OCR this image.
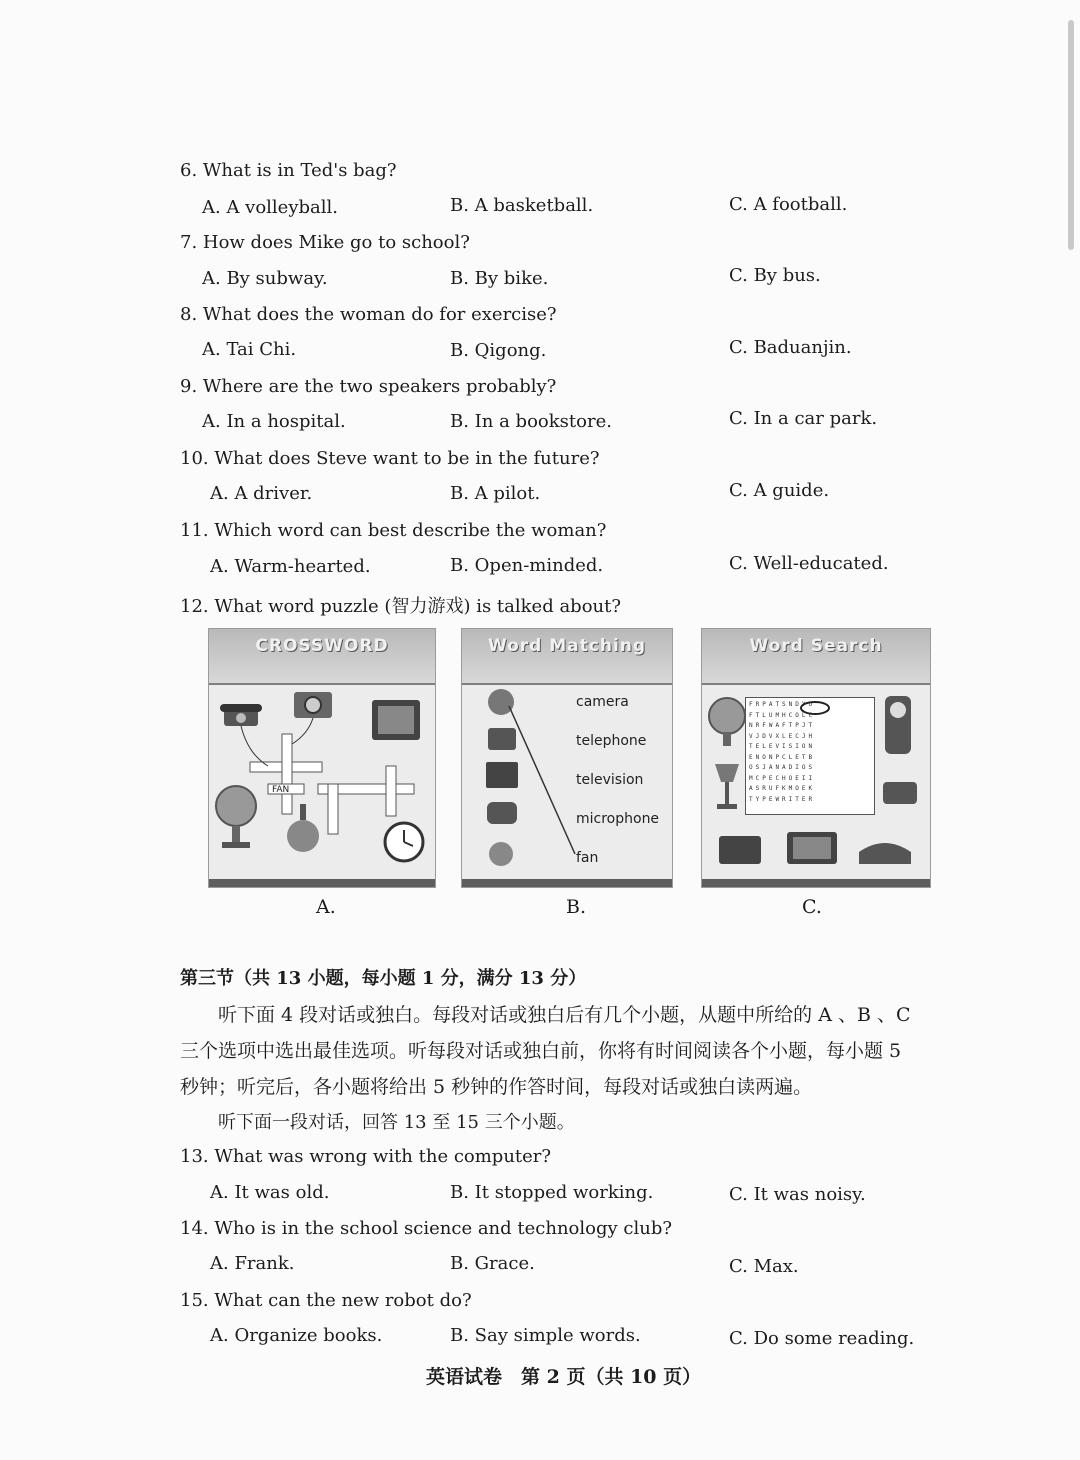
6. What is in Ted's bag?
A. A volleyball.	B. A basketball.	C. A football.
7. How does Mike go to school?
A. By subway.	B. By bike.	C. By bus.
8. What does the woman do for exercise?
A. Tai Chi.	B. Qigong.	C. Baduanjin.
9. Where are the two speakers probably?
A. In a hospital.	B. In a bookstore.	C. In a car park.
10. What does Steve want to be in the future?
A. A driver.	B. A pilot.	C. A guide.
11. Which word can best describe the woman?
A. Warm-hearted.	B. Open-minded.	C. Well-educated.
12. What word puzzle (智力游戏) is talked about?
CROSSWORD
FAN
Word Matching
camera
telephone
television
microphone
fan
Word Search
FRPATSNDYU FTLUMHCOLC NRFWAFTPJT VJDVXLECJH TELEVISION ENONPCLETB OSJANADIOS MCPECHOEII ASRUFKMOEK TYPEWRITER
A.	B.	C.
第三节（共 13 小题，每小题 1 分，满分 13 分）
听下面 4 段对话或独白。每段对话或独白后有几个小题，从题中所给的 A 、B 、C
三个选项中选出最佳选项。听每段对话或独白前，你将有时间阅读各个小题，每小题 5
秒钟；听完后，各小题将给出 5 秒钟的作答时间，每段对话或独白读两遍。
听下面一段对话，回答 13 至 15 三个小题。
13. What was wrong with the computer?
A. It was old.	B. It stopped working.	C. It was noisy.
14. Who is in the school science and technology club?
A. Frank.	B. Grace.	C. Max.
15. What can the new robot do?
A. Organize books.	B. Say simple words.	C. Do some reading.
英语试卷　第 2 页（共 10 页）
